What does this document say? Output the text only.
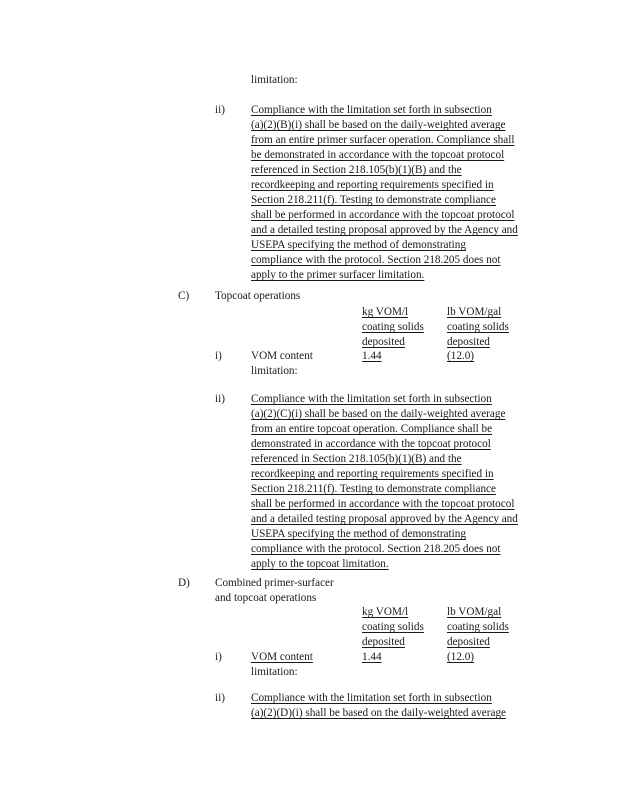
limitation:
ii) Compliance with the limitation set forth in subsection
(a)(2)(B)(i) shall be based on the daily-weighted average
from an entire primer surfacer operation. Compliance shall
be demonstrated in accordance with the topcoat protocol
referenced in Section 218.105(b)(1)(B) and the
recordkeeping and reporting requirements specified in
Section 218.211(f). Testing to demonstrate compliance
shall be performed in accordance with the topcoat protocol
and a detailed testing proposal approved by the Agency and
USEPA specifying the method of demonstrating
compliance with the protocol. Section 218.205 does not
apply to the primer surfacer limitation.
C) Topcoat operations
kg VOM/l
coating solids
deposited
lb VOM/gal
coating solids
deposited
i)	VOM content
limitation:
1.44	(12.0)
ii) Compliance with the limitation set forth in subsection
(a)(2)(C)(i) shall be based on the daily-weighted average
from an entire topcoat operation. Compliance shall be
demonstrated in accordance with the topcoat protocol
referenced in Section 218.105(b)(1)(B) and the
recordkeeping and reporting requirements specified in
Section 218.211(f). Testing to demonstrate compliance
shall be performed in accordance with the topcoat protocol
and a detailed testing proposal approved by the Agency and
USEPA specifying the method of demonstrating
compliance with the protocol. Section 218.205 does not
apply to the topcoat limitation.
D) Combined primer-surfacer
and topcoat operations
kg VOM/l
coating solids
deposited
lb VOM/gal
coating solids
deposited
i)	VOM content
limitation:
1.44	(12.0)
ii) Compliance with the limitation set forth in subsection
(a)(2)(D)(i) shall be based on the daily-weighted average
